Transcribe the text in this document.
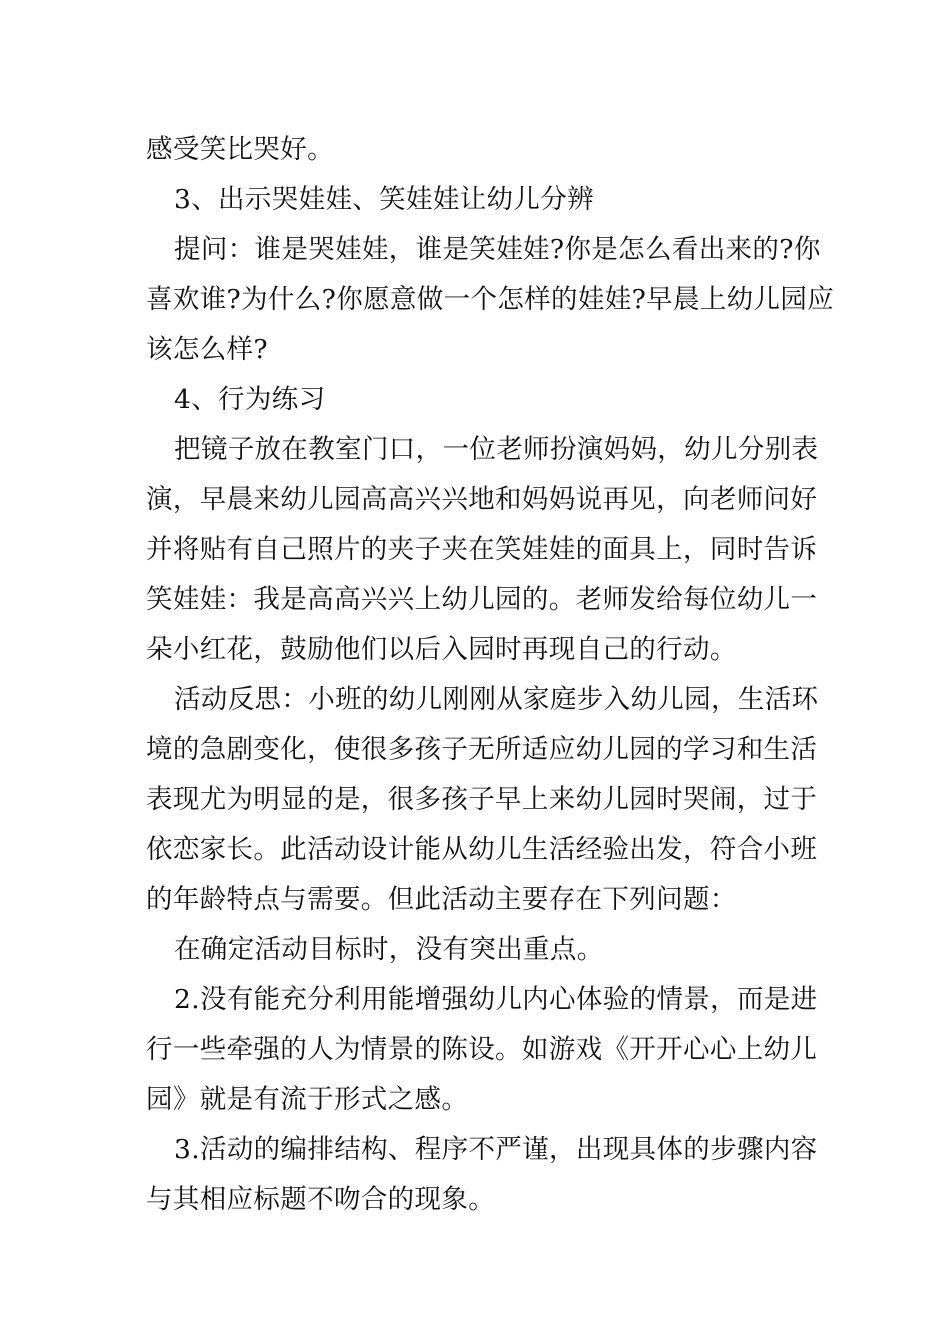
感受笑比哭好。
3、出示哭娃娃、笑娃娃让幼儿分辨
提问：谁是哭娃娃，谁是笑娃娃?你是怎么看出来的?你
喜欢谁?为什么?你愿意做一个怎样的娃娃?早晨上幼儿园应
该怎么样?
4、行为练习
把镜子放在教室门口，一位老师扮演妈妈，幼儿分别表
演，早晨来幼儿园高高兴兴地和妈妈说再见，向老师问好
并将贴有自己照片的夹子夹在笑娃娃的面具上，同时告诉
笑娃娃：我是高高兴兴上幼儿园的。老师发给每位幼儿一
朵小红花，鼓励他们以后入园时再现自己的行动。
活动反思：小班的幼儿刚刚从家庭步入幼儿园，生活环
境的急剧变化，使很多孩子无所适应幼儿园的学习和生活
表现尤为明显的是，很多孩子早上来幼儿园时哭闹，过于
依恋家长。此活动设计能从幼儿生活经验出发，符合小班
的年龄特点与需要。但此活动主要存在下列问题：
在确定活动目标时，没有突出重点。
2.没有能充分利用能增强幼儿内心体验的情景，而是进
行一些牵强的人为情景的陈设。如游戏《开开心心上幼儿
园》就是有流于形式之感。
3.活动的编排结构、程序不严谨，出现具体的步骤内容
与其相应标题不吻合的现象。
